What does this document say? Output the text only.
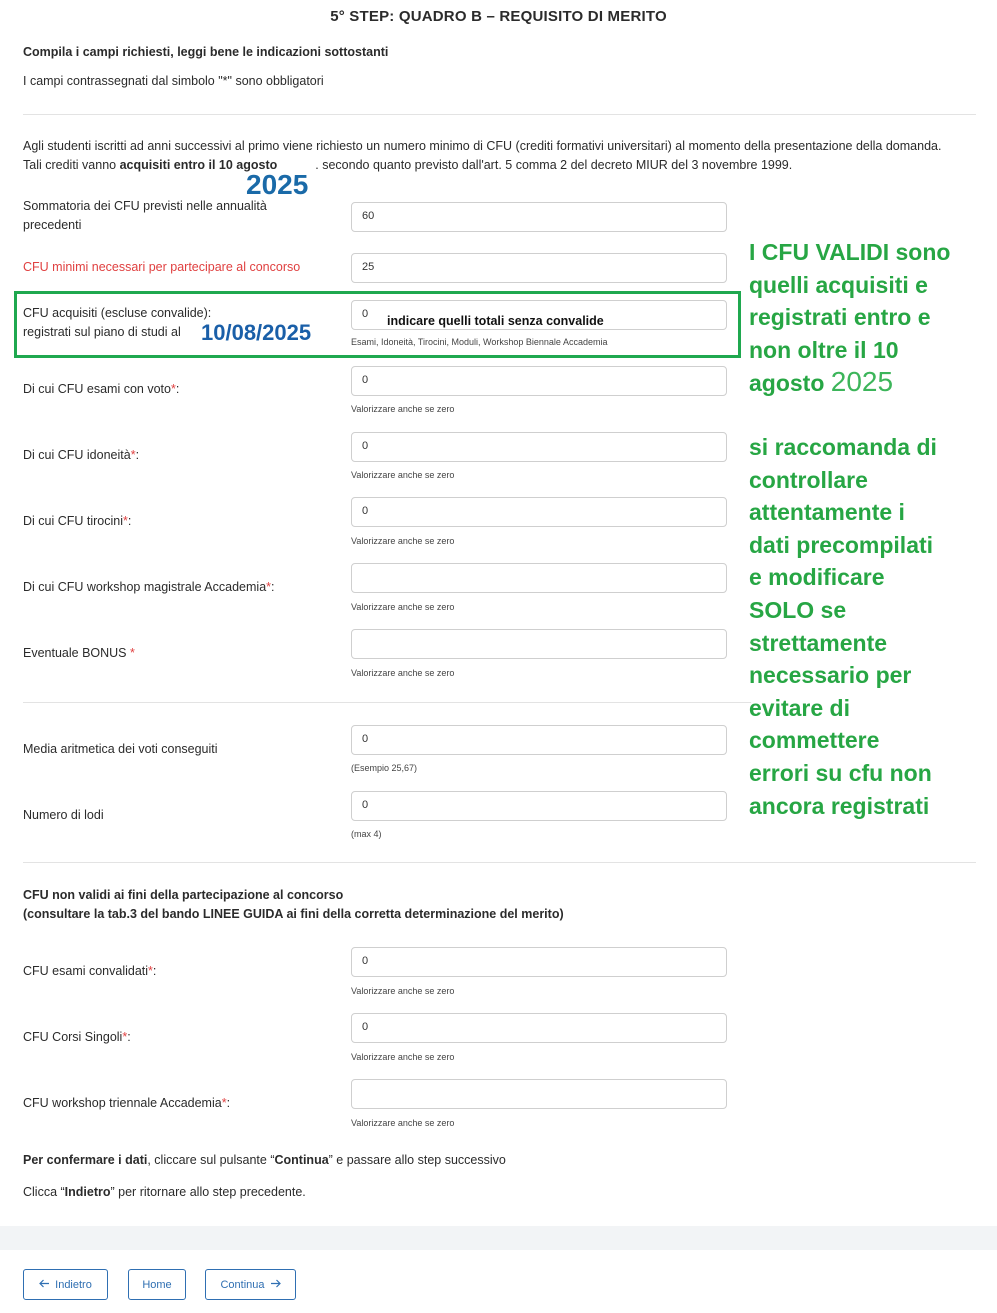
5° STEP: QUADRO B – REQUISITO DI MERITO
Compila i campi richiesti, leggi bene le indicazioni sottostanti
I campi contrassegnati dal simbolo "*" sono obbligatori
Agli studenti iscritti ad anni successivi al primo viene richiesto un numero minimo di CFU (crediti formativi universitari) al momento della presentazione della domanda.
Tali crediti vanno acquisiti entro il 10 agosto	. secondo quanto previsto dall'art. 5 comma 2 del decreto MIUR del 3 novembre 1999.
2025
Sommatoria dei CFU previsti nelle annualità
precedenti
60
CFU minimi necessari per partecipare al concorso	25
CFU acquisiti (escluse convalide):
registrati sul piano di studi al 10/08/2025
0	indicare quelli totali senza convalide
Esami, Idoneità, Tirocini, Moduli, Workshop Biennale Accademia
Di cui CFU esami con voto*:
0
Valorizzare anche se zero
Di cui CFU idoneità*:
0
Valorizzare anche se zero
Di cui CFU tirocini*:
0
Valorizzare anche se zero
Di cui CFU workshop magistrale Accademia*:
Valorizzare anche se zero
Eventuale BONUS *
Valorizzare anche se zero
Media aritmetica dei voti conseguiti
0
(Esempio 25,67)
Numero di lodi
0
(max 4)
CFU non validi ai fini della partecipazione al concorso
(consultare la tab.3 del bando LINEE GUIDA ai fini della corretta determinazione del merito)
CFU esami convalidati*:
0
Valorizzare anche se zero
CFU Corsi Singoli*:
0
Valorizzare anche se zero
CFU workshop triennale Accademia*:
Valorizzare anche se zero
Per confermare i dati, cliccare sul pulsante “Continua” e passare allo step successivo
Clicca “Indietro” per ritornare allo step precedente.
I CFU VALIDI sono
quelli acquisiti e
registrati entro e
non oltre il 10
agosto 2025
si raccomanda di
controllare
attentamente i
dati precompilati
e modificare
SOLO se
strettamente
necessario per
evitare di
commettere
errori su cfu non
ancora registrati
Indietro	Home	Continua
